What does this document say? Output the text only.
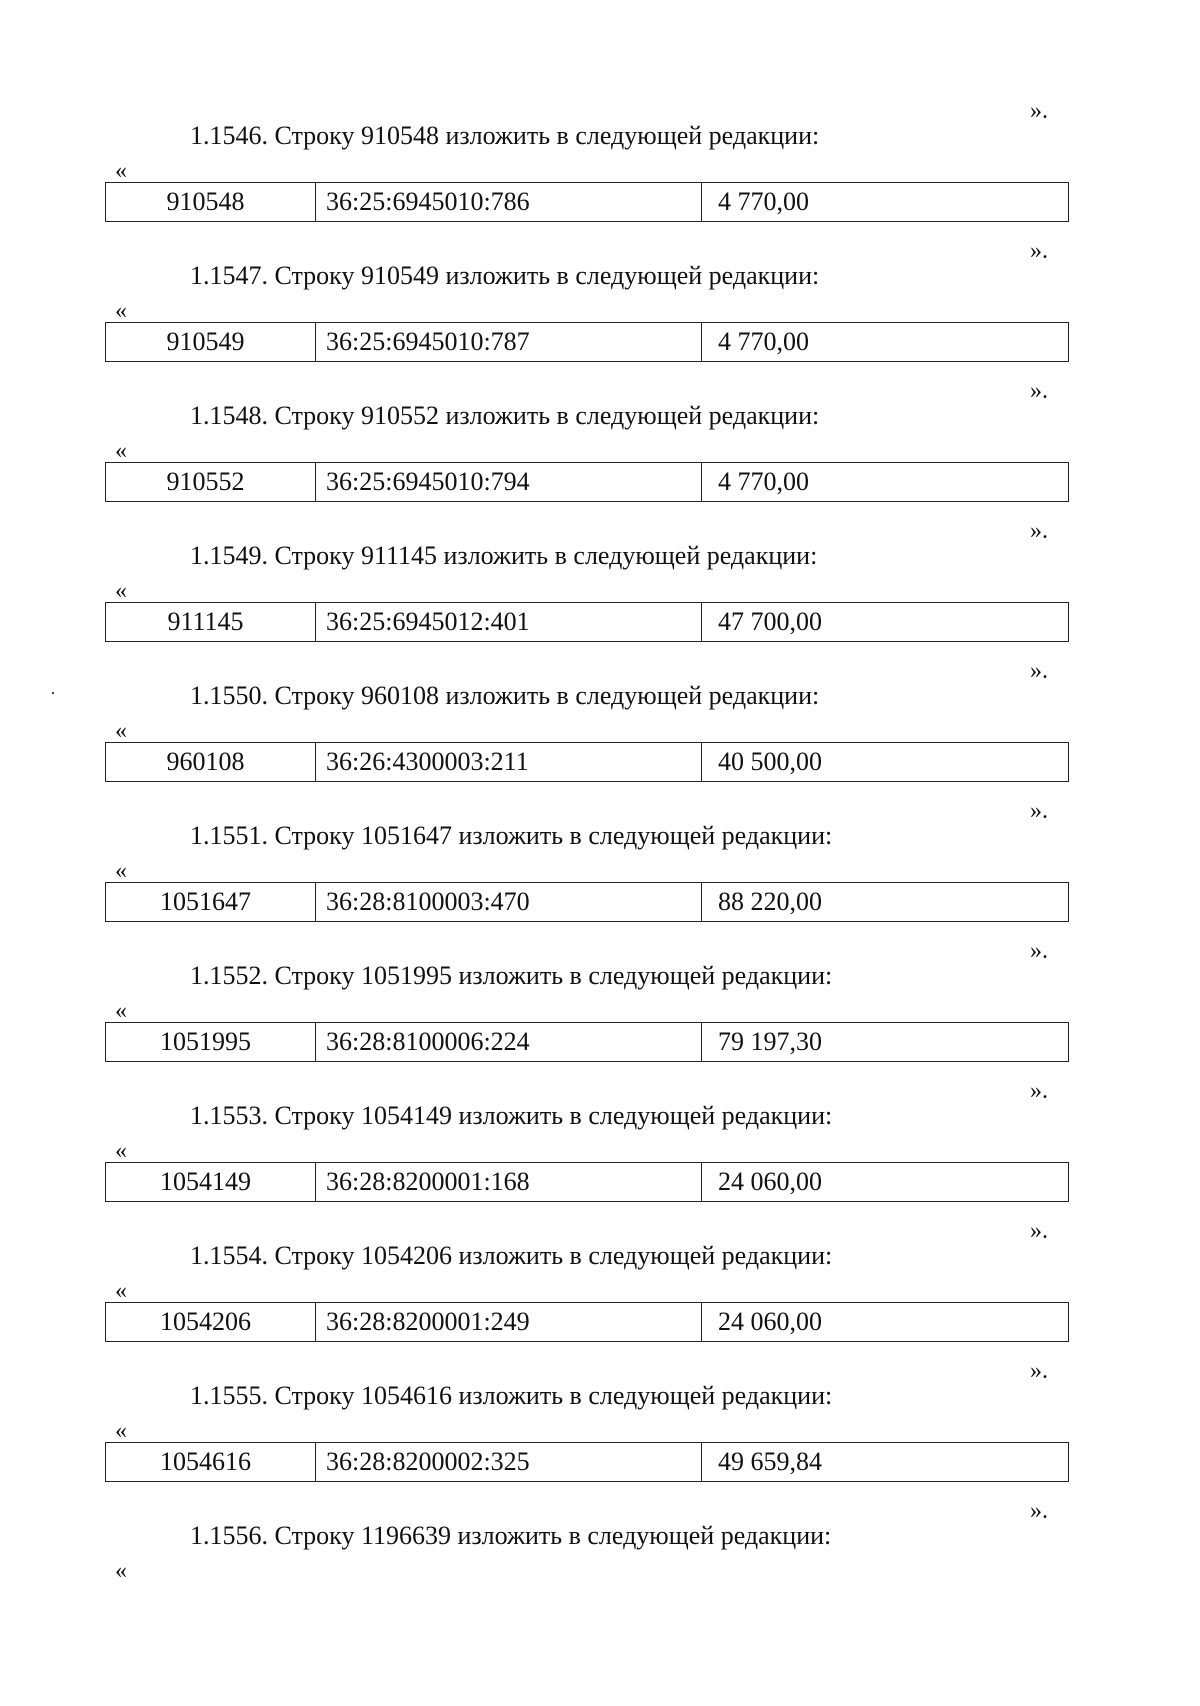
».
1.1546. Строку 910548 изложить в следующей редакции:
«
910548	36:25:6945010:786	4 770,00
».
1.1547. Строку 910549 изложить в следующей редакции:
«
910549	36:25:6945010:787	4 770,00
».
1.1548. Строку 910552 изложить в следующей редакции:
«
910552	36:25:6945010:794	4 770,00
».
1.1549. Строку 911145 изложить в следующей редакции:
«
911145	36:25:6945012:401	47 700,00
».
1.1550. Строку 960108 изложить в следующей редакции:
«
960108	36:26:4300003:211	40 500,00
».
1.1551. Строку 1051647 изложить в следующей редакции:
«
1051647	36:28:8100003:470	88 220,00
».
1.1552. Строку 1051995 изложить в следующей редакции:
«
1051995	36:28:8100006:224	79 197,30
».
1.1553. Строку 1054149 изложить в следующей редакции:
«
1054149	36:28:8200001:168	24 060,00
».
1.1554. Строку 1054206 изложить в следующей редакции:
«
1054206	36:28:8200001:249	24 060,00
».
1.1555. Строку 1054616 изложить в следующей редакции:
«
1054616	36:28:8200002:325	49 659,84
».
1.1556. Строку 1196639 изложить в следующей редакции:
«
